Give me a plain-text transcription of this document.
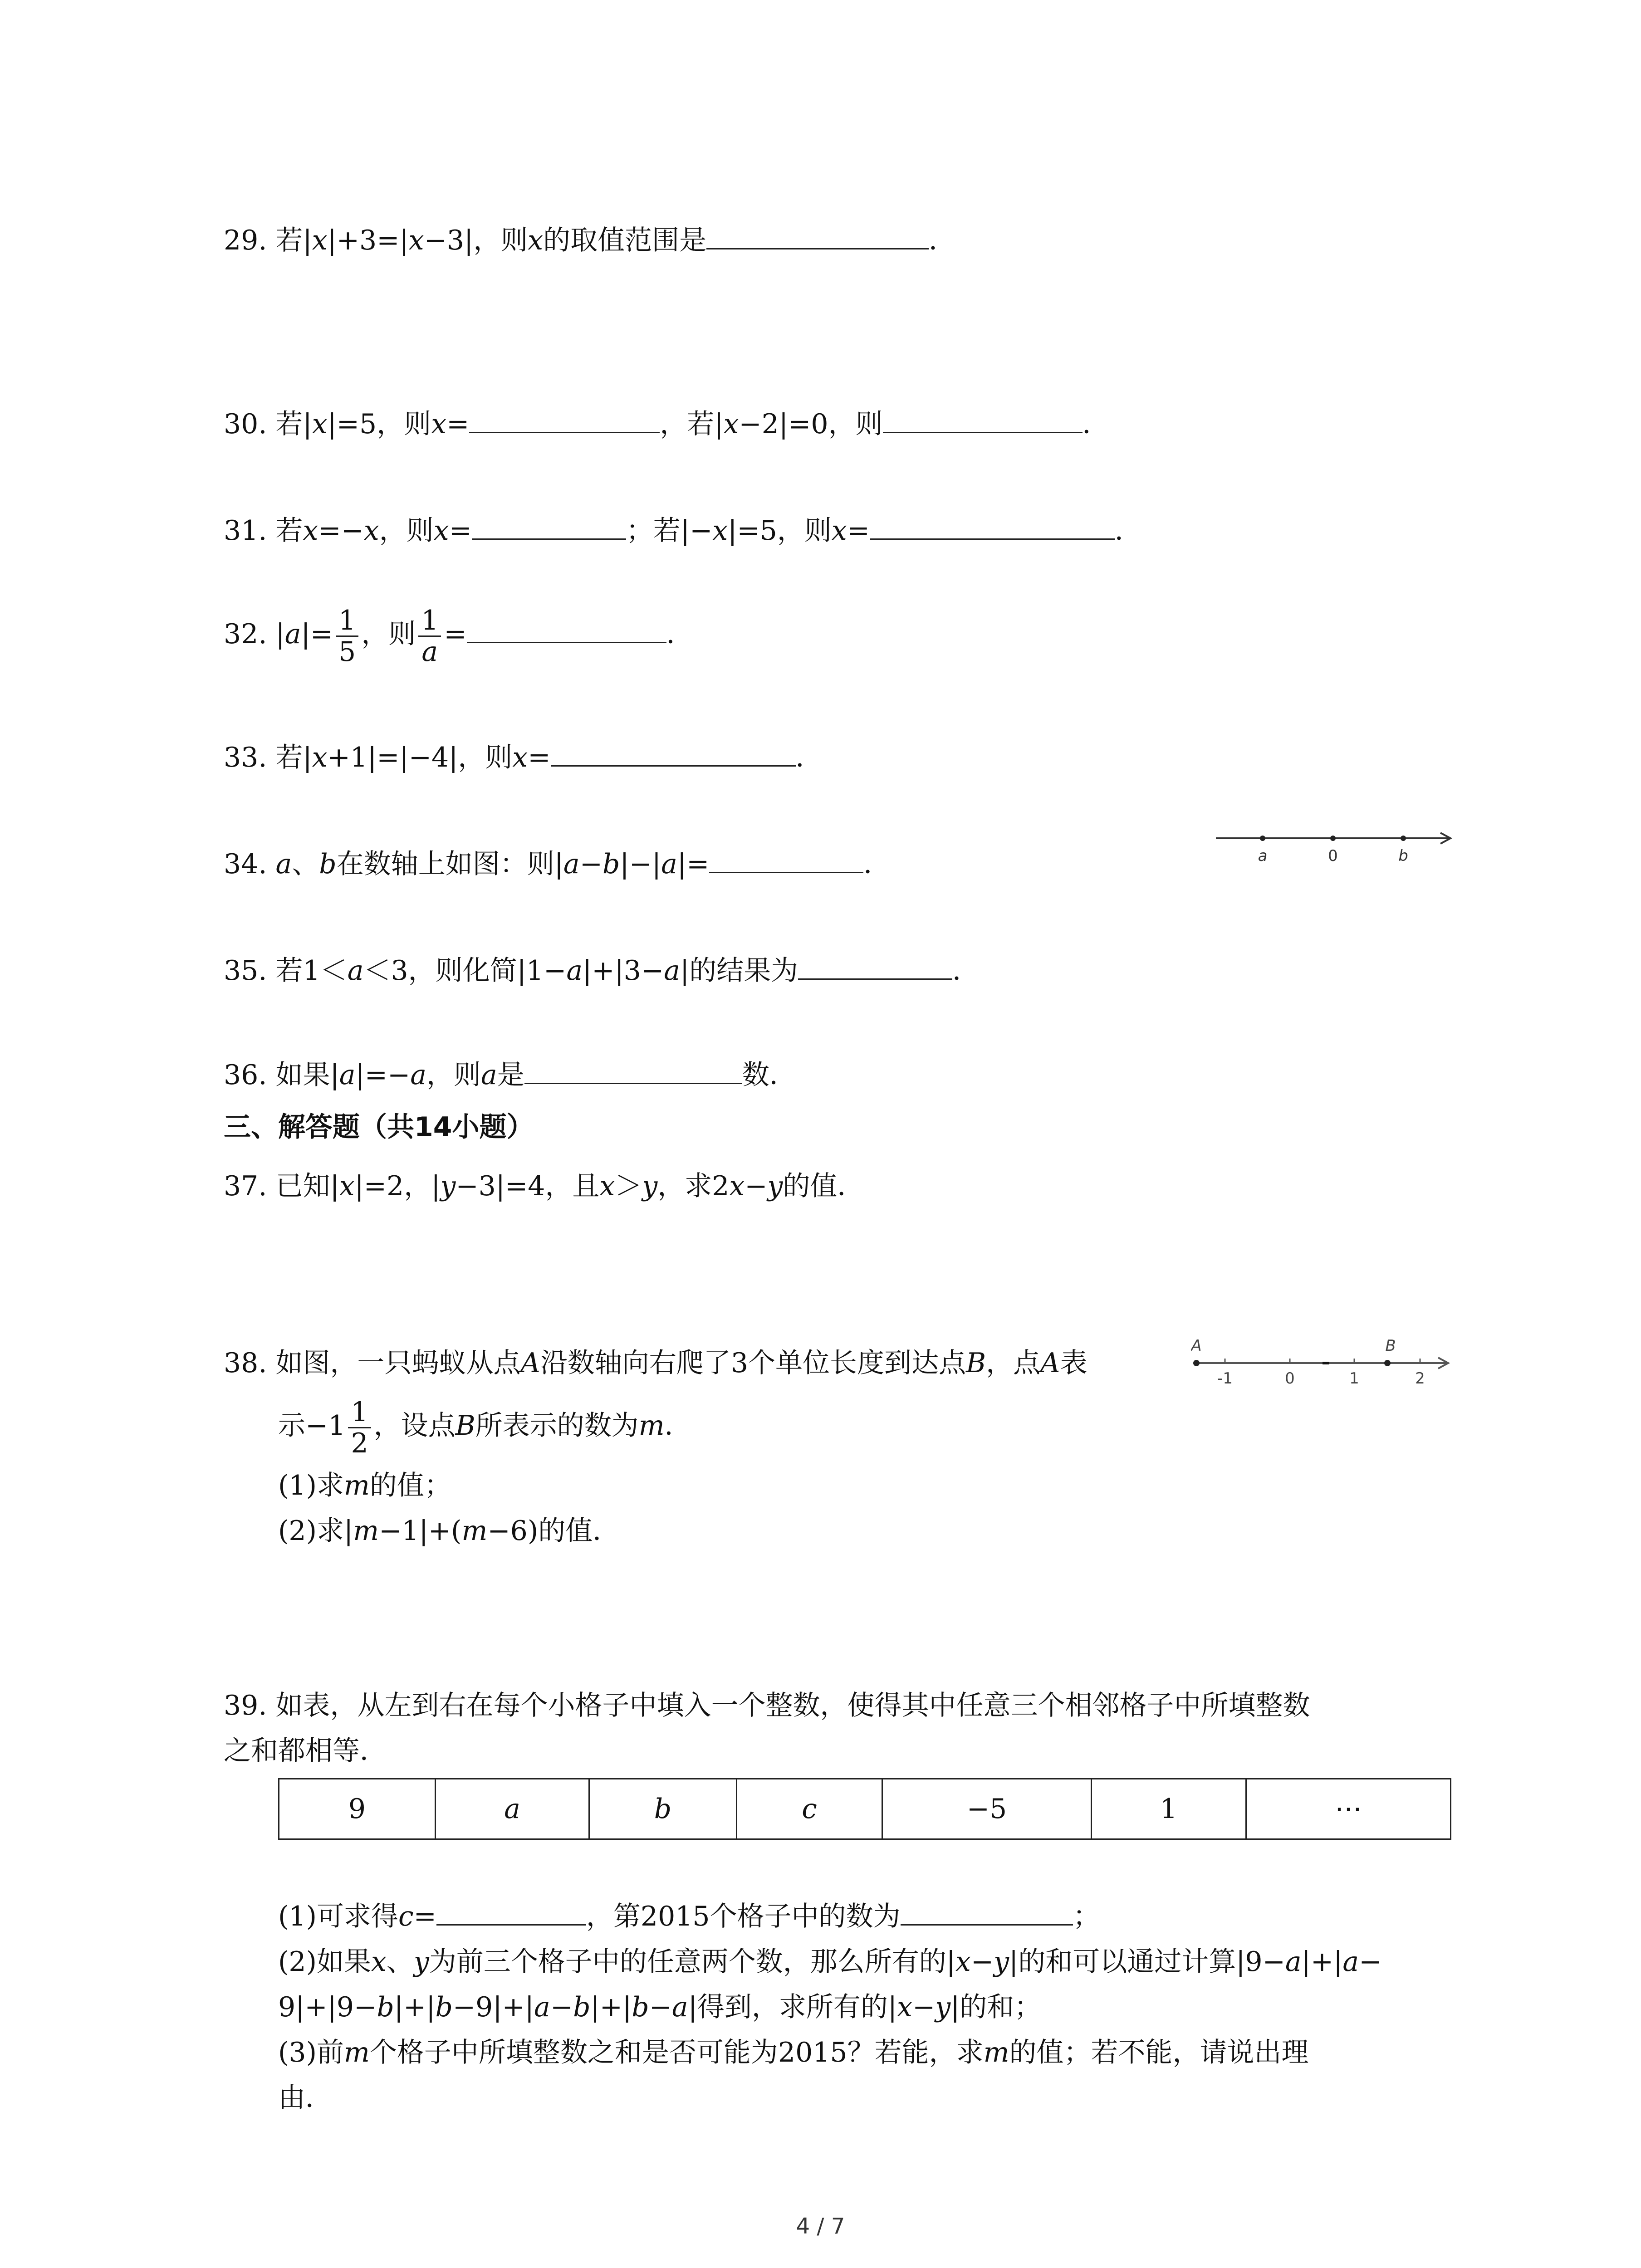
29. 若|x|+3=|x−3|，则x的取值范围是	．
30. 若|x|=5，则x=	，若|x−2|=0，则	．
31. 若x=−x，则x=	；若|−x|=5，则x=	．
32. $|a|= \frac{1}{5}$ ，则 $\frac{1}{a}$ =	．
33. 若|x+1|=|−4|，则x=	．
34. a、b在数轴上如图：则|a−b|−|a|=	．	a	0	b
35. 若1＜a＜3，则化简|1−a|+|3−a|的结果为	．
36. 如果|a|=−a，则a是	数．
三、解答题（共14小题）
37. 已知|x|=2，|y−3|=4，且x＞y，求2x−y的值．
38. 如图，一只蚂蚁从点A沿数轴向右爬了3个单位长度到达点B，点A表
示$-1 \frac{1}{2}$ ，设点B所表示的数为m．
(1)求m的值；
(2)求|m−1|+(m−6)的值．
A	B
-1	0	1	2
39. 如表，从左到右在每个小格子中填入一个整数，使得其中任意三个相邻格子中所填整数
之和都相等．
9	a	b	c	−5	1	⋯
(1)可求得c=	，第2015个格子中的数为	；
(2)如果x、y为前三个格子中的任意两个数，那么所有的|x−y|的和可以通过计算|9−a|+|a−
9|+|9−b|+|b−9|+|a−b|+|b−a|得到，求所有的|x−y|的和；
(3)前m个格子中所填整数之和是否可能为2015？若能，求m的值；若不能，请说出理
由．
4 / 7
